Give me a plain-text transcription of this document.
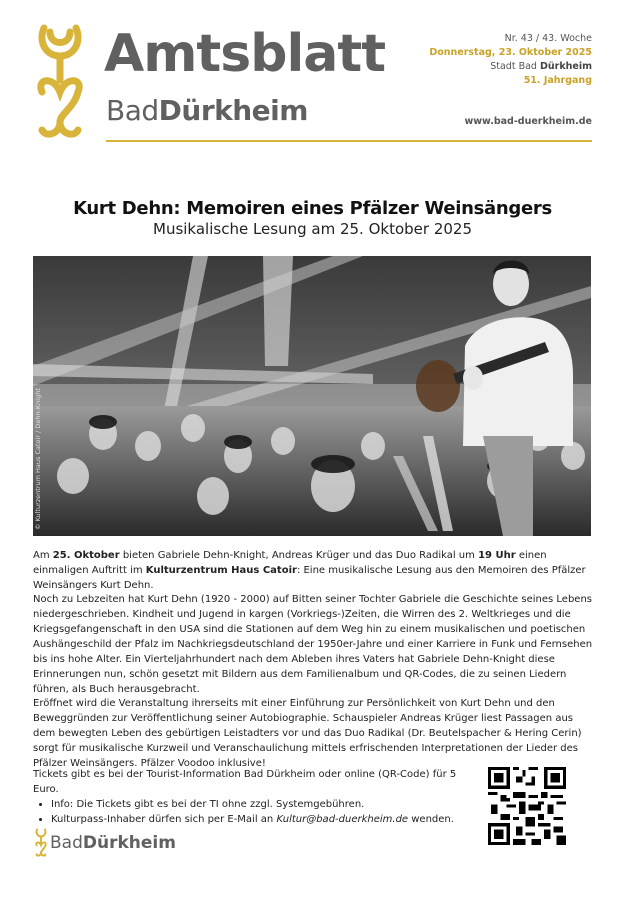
Amtsblatt
BadDürkheim
Nr. 43 / 43. Woche
Donnerstag, 23. Oktober 2025
Stadt Bad Dürkheim
51. Jahrgang
www.bad-duerkheim.de
Kurt Dehn: Memoiren eines Pfälzer Weinsängers
Musikalische Lesung am 25. Oktober 2025
© Kulturzentrum Haus Catoir / Dehn-Knight
Am 25. Oktober bieten Gabriele Dehn-Knight, Andreas Krüger und das Duo Radikal um 19 Uhr einen einmaligen Auftritt im Kulturzentrum Haus Catoir: Eine musikalische Lesung aus den Memoiren des Pfälzer Weinsängers Kurt Dehn.
Noch zu Lebzeiten hat Kurt Dehn (1920 - 2000) auf Bitten seiner Tochter Gabriele die Geschichte seines Lebens niedergeschrieben. Kindheit und Jugend in kargen (Vorkriegs-)Zeiten, die Wirren des 2. Weltkrieges und die Kriegsgefangenschaft in den USA sind die Stationen auf dem Weg hin zu einem musikalischen und poetischen Aushängeschild der Pfalz im Nachkriegsdeutschland der 1950er-Jahre und einer Karriere in Funk und Fernsehen bis ins hohe Alter. Ein Vierteljahrhundert nach dem Ableben ihres Vaters hat Gabriele Dehn-Knight diese Erinnerungen nun, schön gesetzt mit Bildern aus dem Familienalbum und QR-Codes, die zu seinen Liedern führen, als Buch herausgebracht.
Eröffnet wird die Veranstaltung ihrerseits mit einer Einführung zur Persönlichkeit von Kurt Dehn und den Beweggründen zur Veröffentlichung seiner Autobiographie. Schauspieler Andreas Krüger liest Passagen aus dem bewegten Leben des gebürtigen Leistadters vor und das Duo Radikal (Dr. Beutelspacher & Hering Cerin) sorgt für musikalische Kurzweil und Veranschaulichung mittels erfrischenden Interpretationen der Lieder des Pfälzer Weinsängers. Pfälzer Voodoo inklusive!
Tickets gibt es bei der Tourist-Information Bad Dürkheim oder online (QR-Code) für 5 Euro.
• Info: Die Tickets gibt es bei der TI ohne zzgl. Systemgebühren.
• Kulturpass-Inhaber dürfen sich per E-Mail an Kultur@bad-duerkheim.de wenden.
BadDürkheim
